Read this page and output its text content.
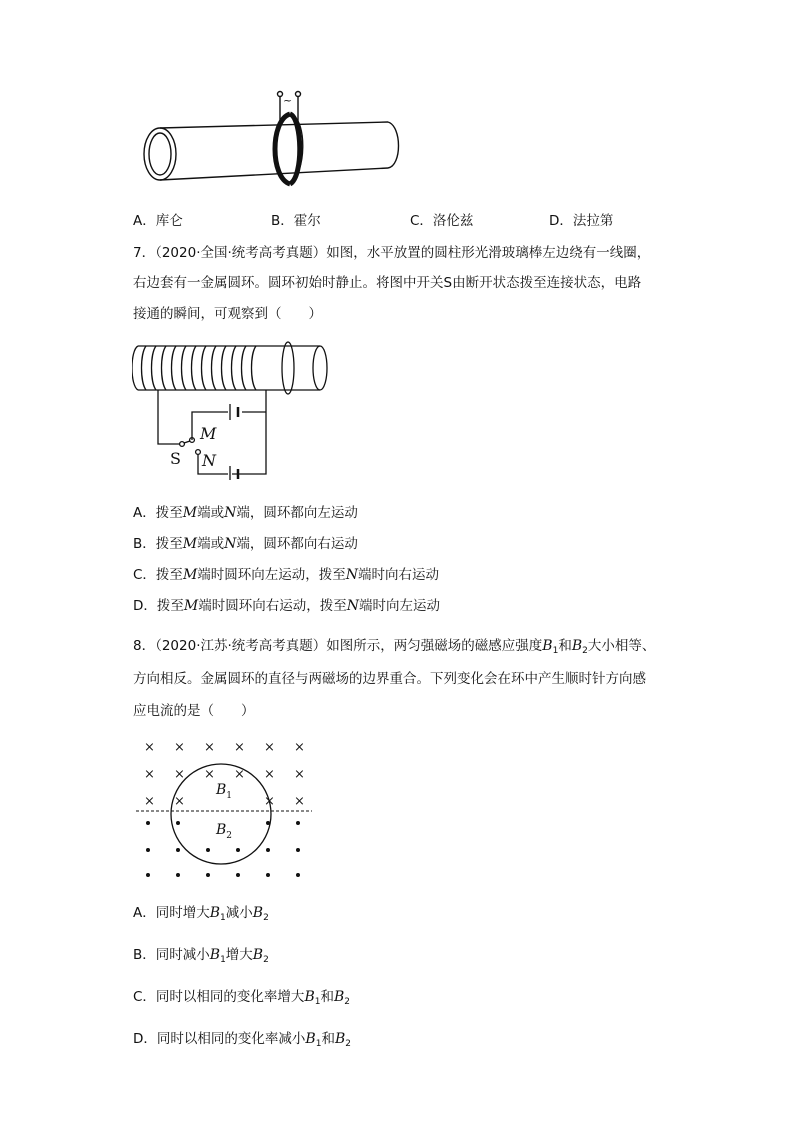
~
A．库仑	B．霍尔	C．洛伦兹	D．法拉第
7．（2020·全国·统考高考真题）如图，水平放置的圆柱形光滑玻璃棒左边绕有一线圈，
右边套有一金属圆环。圆环初始时静止。将图中开关S由断开状态拨至连接状态，电路
接通的瞬间，可观察到（　　）
S
M
N
A．拨至M端或N端，圆环都向左运动
B．拨至M端或N端，圆环都向右运动
C．拨至M端时圆环向左运动，拨至N端时向右运动
D．拨至M端时圆环向右运动，拨至N端时向左运动
8．（2020·江苏·统考高考真题）如图所示，两匀强磁场的磁感应强度$B_1$和$B_2$大小相等、
方向相反。金属圆环的直径与两磁场的边界重合。下列变化会在环中产生顺时针方向感
应电流的是（　　）
× × × × × ×
× × × × × ×
× ×	× ×
$B_1$
$B_2$
A．同时增大$B_1$减小$B_2$
B．同时减小$B_1$增大$B_2$
C．同时以相同的变化率增大$B_1$和$B_2$
D．同时以相同的变化率减小$B_1$和$B_2$
